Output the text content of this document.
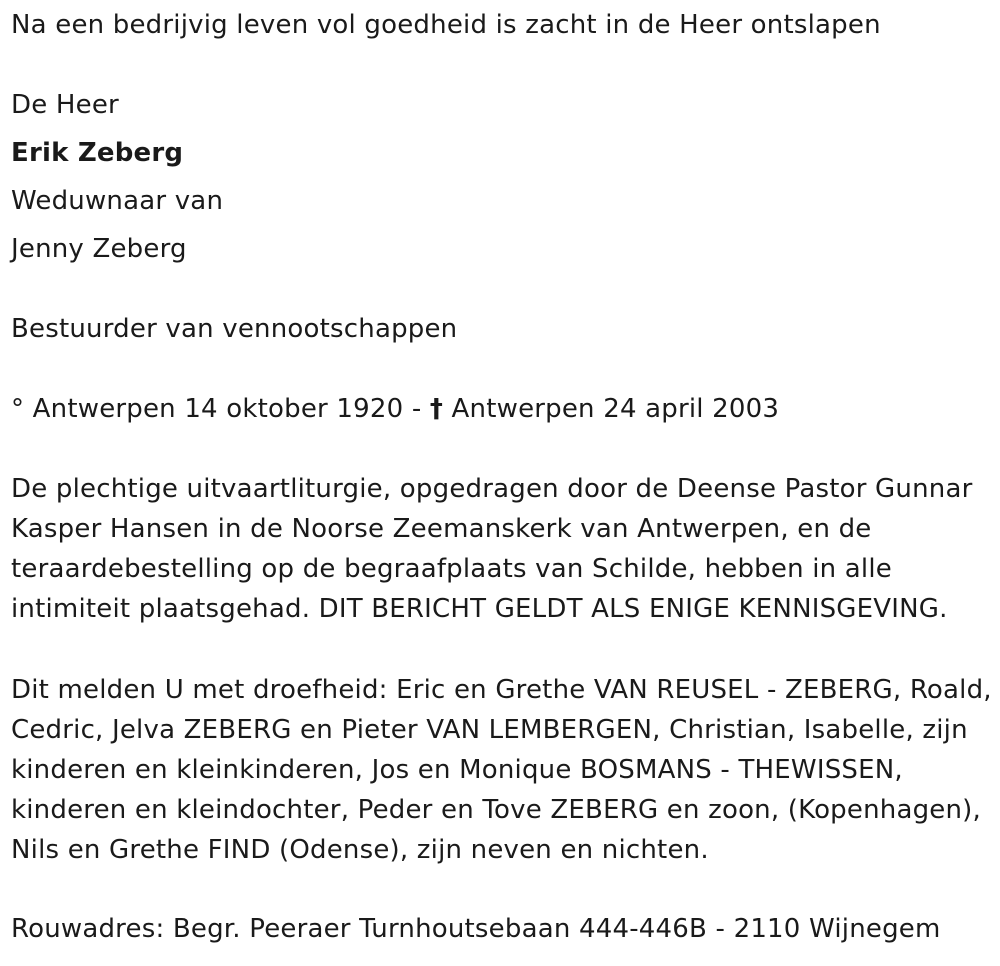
Na een bedrijvig leven vol goedheid is zacht in de Heer ontslapen
De Heer
Erik Zeberg
Weduwnaar van
Jenny Zeberg
Bestuurder van vennootschappen
° Antwerpen 14 oktober 1920 - † Antwerpen 24 april 2003
De plechtige uitvaartliturgie, opgedragen door de Deense Pastor Gunnar
Kasper Hansen in de Noorse Zeemanskerk van Antwerpen, en de
teraardebestelling op de begraafplaats van Schilde, hebben in alle
intimiteit plaatsgehad. DIT BERICHT GELDT ALS ENIGE KENNISGEVING.
Dit melden U met droefheid: Eric en Grethe VAN REUSEL - ZEBERG, Roald,
Cedric, Jelva ZEBERG en Pieter VAN LEMBERGEN, Christian, Isabelle, zijn
kinderen en kleinkinderen, Jos en Monique BOSMANS - THEWISSEN,
kinderen en kleindochter, Peder en Tove ZEBERG en zoon, (Kopenhagen),
Nils en Grethe FIND (Odense), zijn neven en nichten.
Rouwadres: Begr. Peeraer Turnhoutsebaan 444-446B - 2110 Wijnegem
